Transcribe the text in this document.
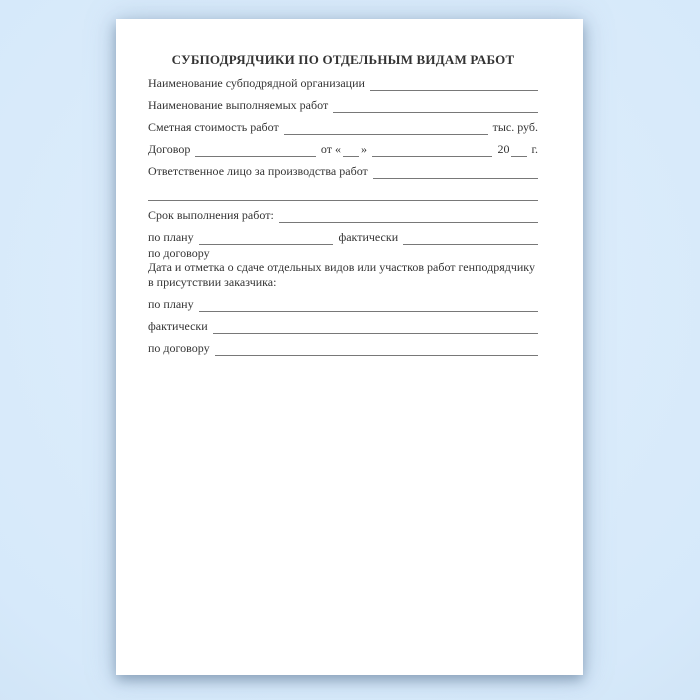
СУБПОДРЯДЧИКИ ПО ОТДЕЛЬНЫМ ВИДАМ РАБОТ
Наименование субподрядной организации
Наименование выполняемых работ
Сметная стоимость работ	тыс. руб.
Договор	от « »	20 г.
Ответственное лицо за производства работ
Срок выполнения работ:
по плану	фактически
по договору
Дата и отметка о сдаче отдельных видов или участков работ генподрядчику в присутствии заказчика:
по плану
фактически
по договору
